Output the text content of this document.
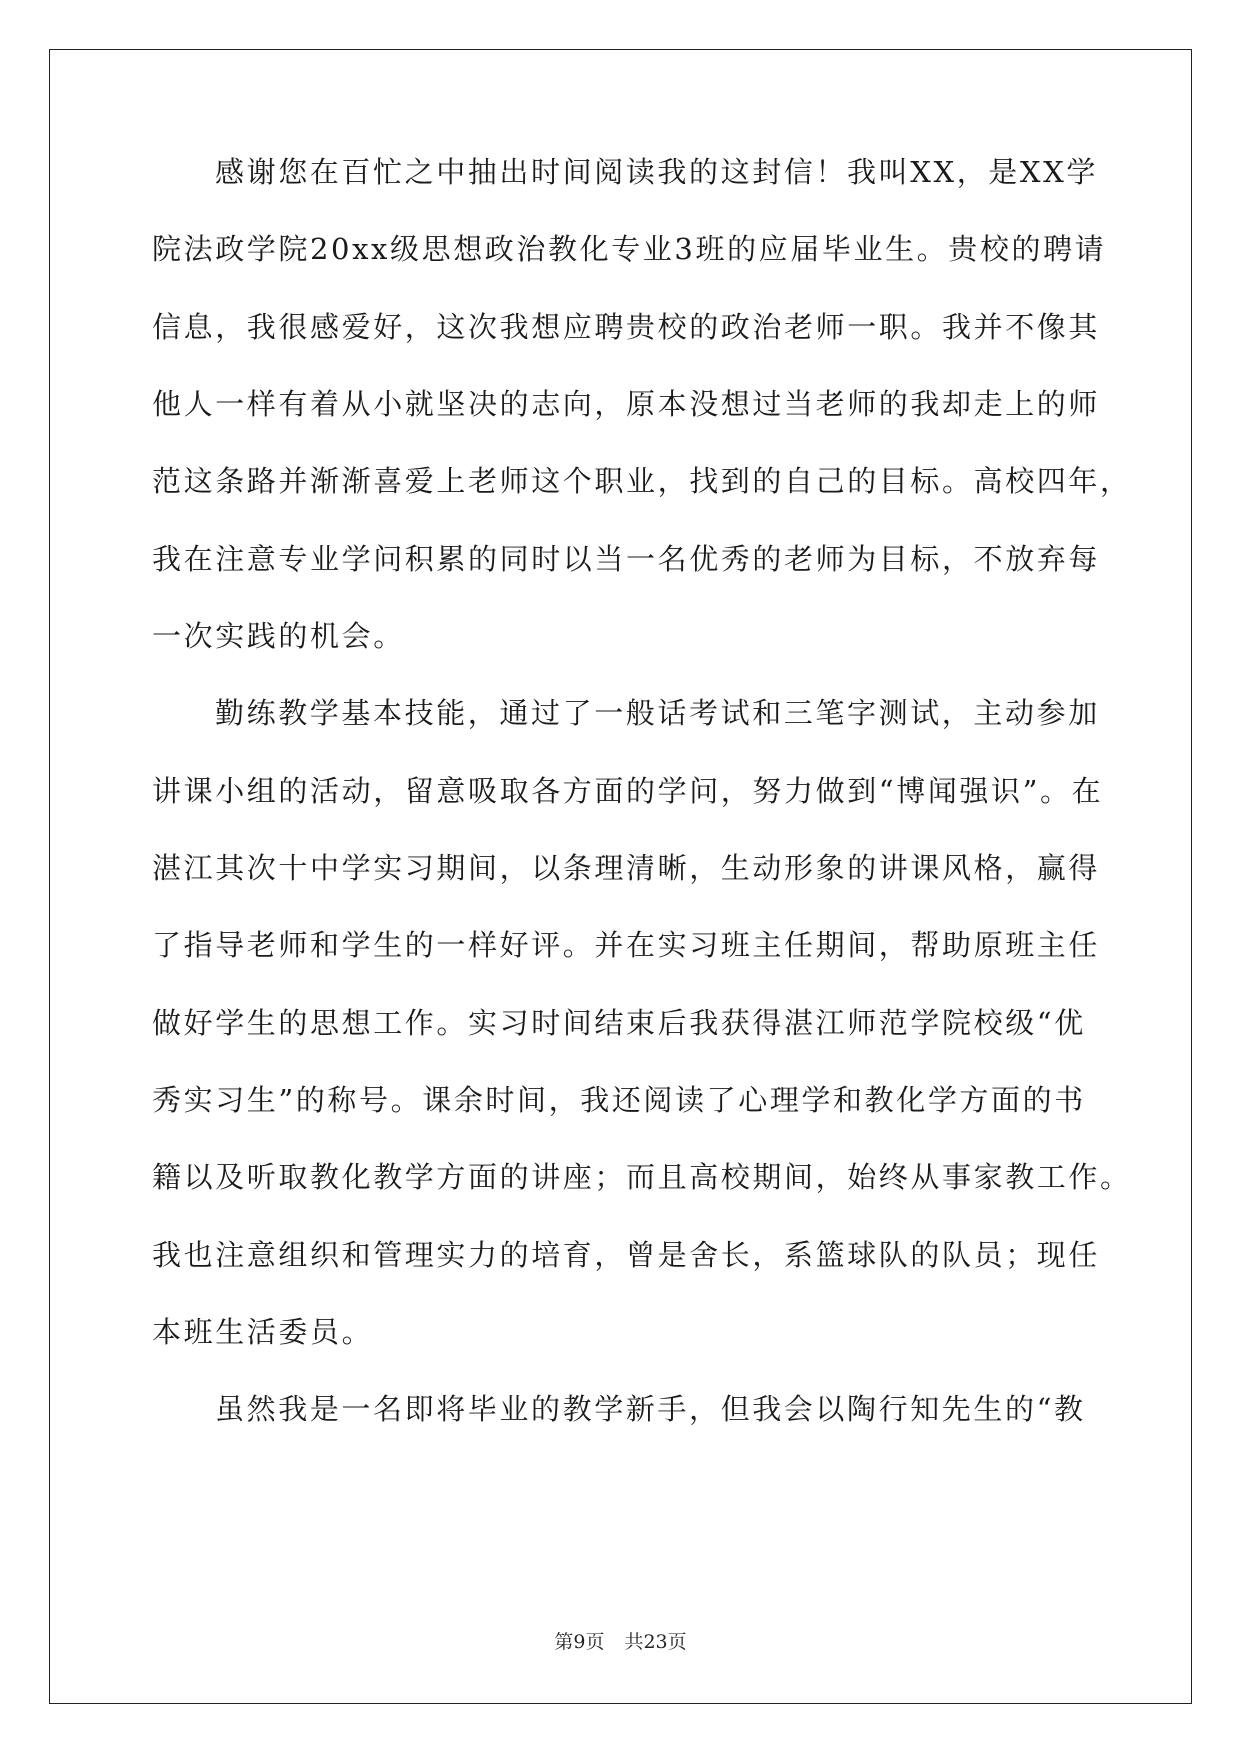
感谢您在百忙之中抽出时间阅读我的这封信！我叫XX，是XX学
院法政学院20xx级思想政治教化专业3班的应届毕业生。贵校的聘请
信息，我很感爱好，这次我想应聘贵校的政治老师一职。我并不像其
他人一样有着从小就坚决的志向，原本没想过当老师的我却走上的师
范这条路并渐渐喜爱上老师这个职业，找到的自己的目标。高校四年，
我在注意专业学问积累的同时以当一名优秀的老师为目标，不放弃每
一次实践的机会。
勤练教学基本技能，通过了一般话考试和三笔字测试，主动参加
讲课小组的活动，留意吸取各方面的学问，努力做到“博闻强识”。在
湛江其次十中学实习期间，以条理清晰，生动形象的讲课风格，赢得
了指导老师和学生的一样好评。并在实习班主任期间，帮助原班主任
做好学生的思想工作。实习时间结束后我获得湛江师范学院校级“优
秀实习生”的称号。课余时间，我还阅读了心理学和教化学方面的书
籍以及听取教化教学方面的讲座；而且高校期间，始终从事家教工作。
我也注意组织和管理实力的培育，曾是舍长，系篮球队的队员；现任
本班生活委员。
虽然我是一名即将毕业的教学新手，但我会以陶行知先生的“教
第9页 共23页
